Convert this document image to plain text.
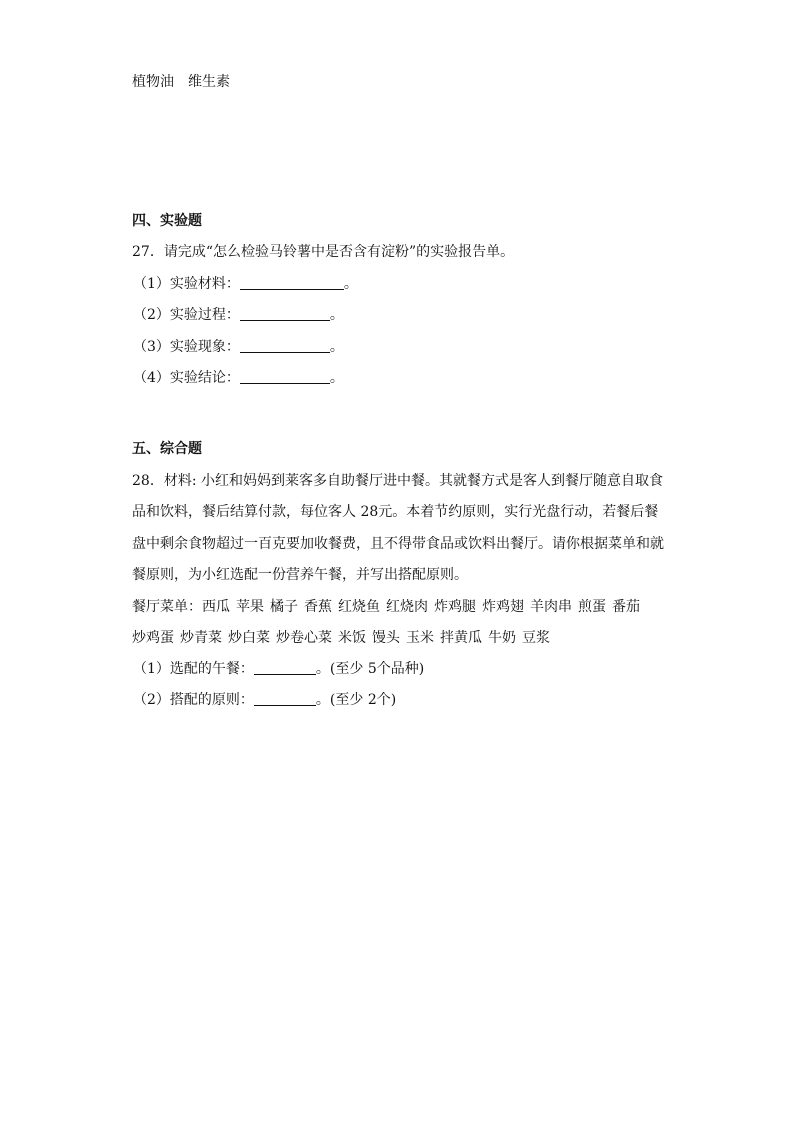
植物油 维生素
四、实验题
27．请完成“怎么检验马铃薯中是否含有淀粉”的实验报告单。
（1）实验材料：	。
（2）实验过程：	。
（3）实验现象：	。
（4）实验结论：	。
五、综合题
28．材料: 小红和妈妈到莱客多自助餐厅进中餐。其就餐方式是客人到餐厅随意自取食
品和饮料，餐后结算付款，每位客人 28元。本着节约原则，实行光盘行动，若餐后餐
盘中剩余食物超过一百克要加收餐费，且不得带食品或饮料出餐厅。请你根据菜单和就
餐原则，为小红选配一份营养午餐，并写出搭配原则。
餐厅菜单：西瓜 苹果 橘子 香蕉 红烧鱼 红烧肉 炸鸡腿 炸鸡翅 羊肉串 煎蛋 番茄
炒鸡蛋 炒青菜 炒白菜 炒卷心菜 米饭 馒头 玉米 拌黄瓜 牛奶 豆浆
（1）选配的午餐：	。(至少 5个品种)
（2）搭配的原则：	。(至少 2个)
